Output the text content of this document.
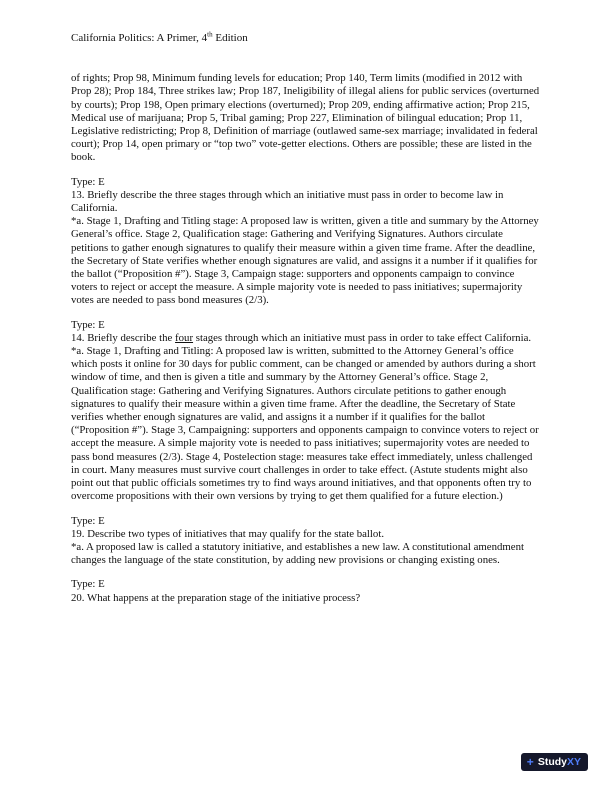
California Politics: A Primer, 4th Edition

of rights; Prop 98, Minimum funding levels for education; Prop 140, Term limits (modified in 2012 with Prop 28); Prop 184, Three strikes law; Prop 187, Ineligibility of illegal aliens for public services (overturned by courts); Prop 198, Open primary elections (overturned); Prop 209, ending affirmative action; Prop 215, Medical use of marijuana; Prop 5, Tribal gaming; Prop 227, Elimination of bilingual education; Prop 11, Legislative redistricting; Prop 8, Definition of marriage (outlawed same-sex marriage; invalidated in federal court); Prop 14, open primary or “top two” vote-getter elections. Others are possible; these are listed in the book.

Type: E

13. Briefly describe the three stages through which an initiative must pass in order to become law in California.

*a. Stage 1, Drafting and Titling stage: A proposed law is written, given a title and summary by the Attorney General’s office. Stage 2, Qualification stage: Gathering and Verifying Signatures. Authors circulate petitions to gather enough signatures to qualify their measure within a given time frame. After the deadline, the Secretary of State verifies whether enough signatures are valid, and assigns it a number if it qualifies for the ballot (“Proposition #”). Stage 3, Campaign stage: supporters and opponents campaign to convince voters to reject or accept the measure. A simple majority vote is needed to pass initiatives; supermajority votes are needed to pass bond measures (2/3).

Type: E

14. Briefly describe the four stages through which an initiative must pass in order to take effect California.

*a. Stage 1, Drafting and Titling: A proposed law is written, submitted to the Attorney General’s office which posts it online for 30 days for public comment, can be changed or amended by authors during a short window of time, and then is given a title and summary by the Attorney General’s office. Stage 2, Qualification stage: Gathering and Verifying Signatures. Authors circulate petitions to gather enough signatures to qualify their measure within a given time frame. After the deadline, the Secretary of State verifies whether enough signatures are valid, and assigns it a number if it qualifies for the ballot (“Proposition #”). Stage 3, Campaigning: supporters and opponents campaign to convince voters to reject or accept the measure. A simple majority vote is needed to pass initiatives; supermajority votes are needed to pass bond measures (2/3). Stage 4, Postelection stage: measures take effect immediately, unless challenged in court. Many measures must survive court challenges in order to take effect. (Astute students might also point out that public officials sometimes try to find ways around initiatives, and that opponents often try to overcome propositions with their own versions by trying to get them qualified for a future election.)

Type: E

19. Describe two types of initiatives that may qualify for the state ballot.

*a. A proposed law is called a statutory initiative, and establishes a new law. A constitutional amendment changes the language of the state constitution, by adding new provisions or changing existing ones.

Type: E

20. What happens at the preparation stage of the initiative process?

+ StudyXY
